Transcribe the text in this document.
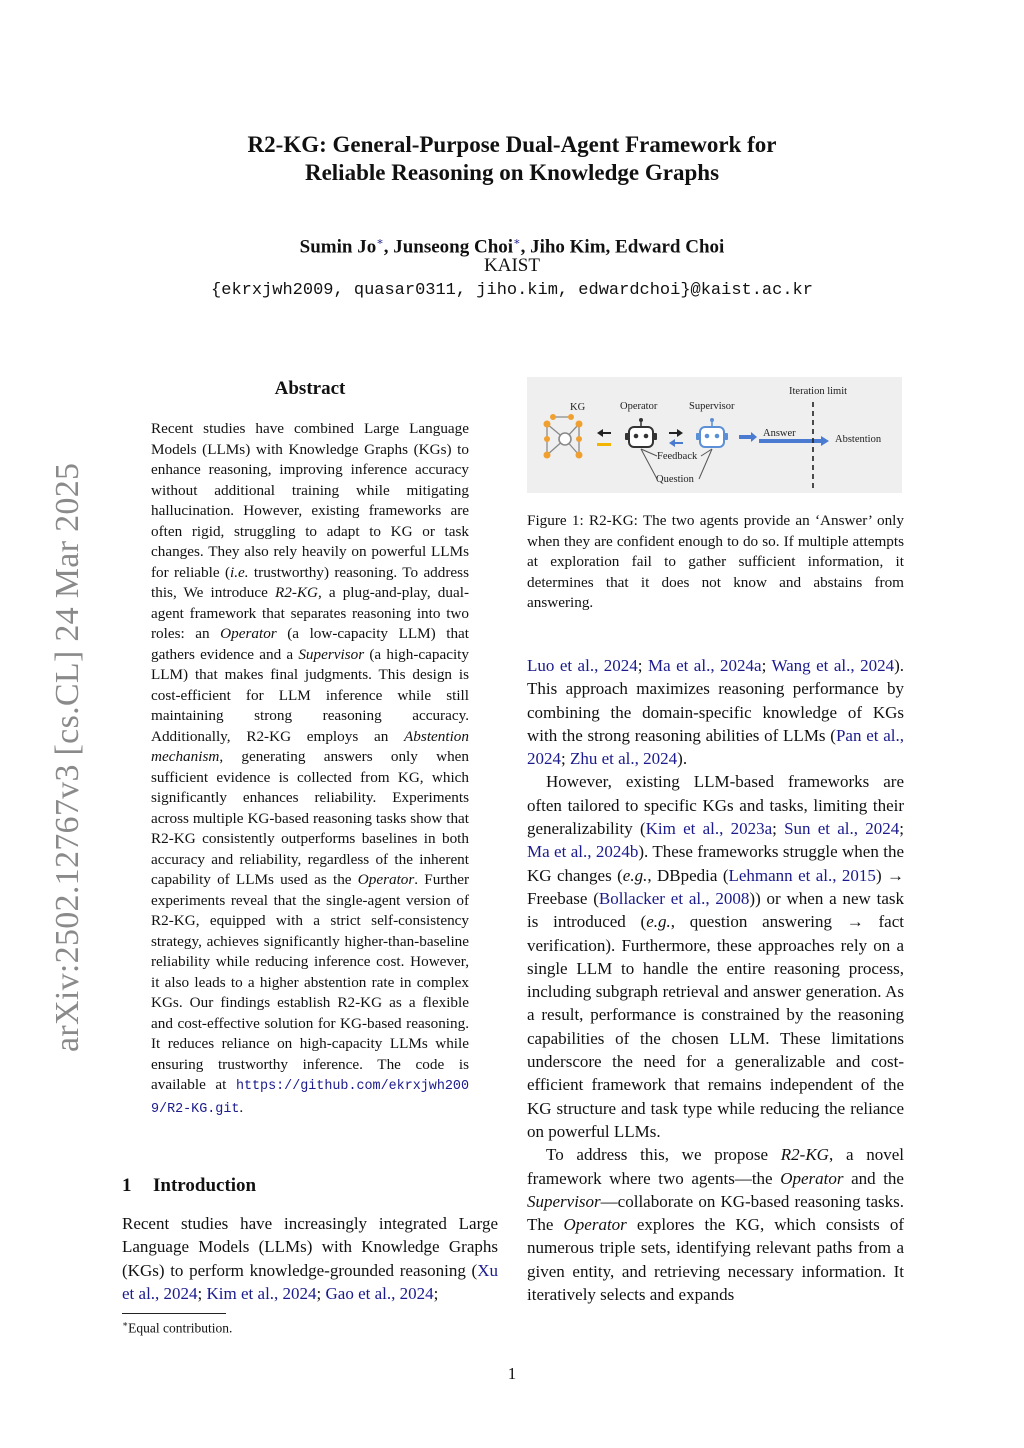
R2-KG: General-Purpose Dual-Agent Framework for
Reliable Reasoning on Knowledge Graphs
Sumin Jo∗, Junseong Choi∗, Jiho Kim, Edward Choi
KAIST
{ekrxjwh2009, quasar0311, jiho.kim, edwardchoi}@kaist.ac.kr
arXiv:2502.12767v3 [cs.CL] 24 Mar 2025
Abstract
Recent studies have combined Large Language Models (LLMs) with Knowledge Graphs (KGs) to enhance reasoning, improving inference accuracy without additional training while mitigating hallucination. However, existing frameworks are often rigid, struggling to adapt to KG or task changes. They also rely heavily on powerful LLMs for reliable (i.e. trustworthy) reasoning. To address this, We introduce R2-KG, a plug-and-play, dual-agent framework that separates reasoning into two roles: an Operator (a low-capacity LLM) that gathers evidence and a Supervisor (a high-capacity LLM) that makes final judgments. This design is cost-efficient for LLM inference while still maintaining strong reasoning accuracy. Additionally, R2-KG employs an Abstention mechanism, generating answers only when sufficient evidence is collected from KG, which significantly enhances reliability. Experiments across multiple KG-based reasoning tasks show that R2-KG consistently outperforms baselines in both accuracy and reliability, regardless of the inherent capability of LLMs used as the Operator. Further experiments reveal that the single-agent version of R2-KG, equipped with a strict self-consistency strategy, achieves significantly higher-than-baseline reliability while reducing inference cost. However, it also leads to a higher abstention rate in complex KGs. Our findings establish R2-KG as a flexible and cost-effective solution for KG-based reasoning. It reduces reliance on high-capacity LLMs while ensuring trustworthy inference. The code is available at https://github.com/ekrxjwh2009/R2-KG.git.
1 Introduction

Recent studies have increasingly integrated Large Language Models (LLMs) with Knowledge Graphs (KGs) to perform knowledge-grounded reasoning (Xu et al., 2024; Kim et al., 2024; Gao et al., 2024;

∗Equal contribution.
KG	Operator	Supervisor
Feedback
Question
Answer
Iteration limit
Abstention
Figure 1: R2-KG: The two agents provide an ‘Answer’ only when they are confident enough to do so. If multiple attempts at exploration fail to gather sufficient information, it determines that it does not know and abstains from answering.

Luo et al., 2024; Ma et al., 2024a; Wang et al., 2024). This approach maximizes reasoning performance by combining the domain-specific knowledge of KGs with the strong reasoning abilities of LLMs (Pan et al., 2024; Zhu et al., 2024).

However, existing LLM-based frameworks are often tailored to specific KGs and tasks, limiting their generalizability (Kim et al., 2023a; Sun et al., 2024; Ma et al., 2024b). These frameworks struggle when the KG changes (e.g., DBpedia (Lehmann et al., 2015) → Freebase (Bollacker et al., 2008)) or when a new task is introduced (e.g., question answering → fact verification). Furthermore, these approaches rely on a single LLM to handle the entire reasoning process, including subgraph retrieval and answer generation. As a result, performance is constrained by the reasoning capabilities of the chosen LLM. These limitations underscore the need for a generalizable and cost-efficient framework that remains independent of the KG structure and task type while reducing the reliance on powerful LLMs.

To address this, we propose R2-KG, a novel framework where two agents—the Operator and the Supervisor—collaborate on KG-based reasoning tasks. The Operator explores the KG, which consists of numerous triple sets, identifying relevant paths from a given entity, and retrieving necessary information. It iteratively selects and expands

1
